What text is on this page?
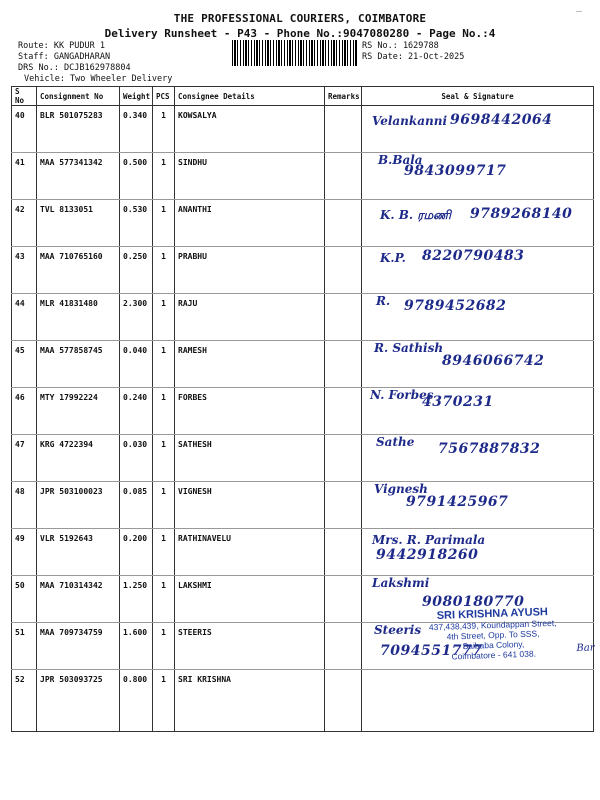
—
THE PROFESSIONAL COURIERS, COIMBATORE
Delivery Runsheet - P43 - Phone No.:9047080280 - Page No.:4
Route: KK PUDUR 1
Staff: GANGADHARAN
DRS No.: DCJB162978804
Vehicle: Two Wheeler Delivery
RS No.: 1629788
RS Date: 21-Oct-2025
S No	Consignment No	Weight	PCS	Consignee Details	Remarks	Seal & Signature
40	BLR 501075283	0.340	1	KOWSALYA		Velankanni 9698442064

41	MAA 577341342	0.500	1	SINDHU		B.Bala
9843099717

42	TVL 8133051	0.530	1	ANANTHI		K. B. ரமணி 9789268140

43	MAA 710765160	0.250	1	PRABHU		K.P. 8220790483

44	MLR 41831480	2.300	1	RAJU		R. 9789452682

45	MAA 577858745	0.040	1	RAMESH		R. Sathish
8946066742

46	MTY 17992224	0.240	1	FORBES		N. Forbes
4370231

47	KRG 4722394	0.030	1	SATHESH		Sathe 7567887832

48	JPR 503100023	0.085	1	VIGNESH		Vignesh
9791425967

49	VLR 5192643	0.200	1	RATHINAVELU		Mrs. R. Parimala
9442918260

50	MAA 710314342	1.250	1	LAKSHMI		Lakshmi
9080180770

51	MAA 709734759	1.600	1	STEERIS		Steeris
7094551777

52	JPR 503093725	0.800	1	SRI KRISHNA		
SRI KRISHNA AYUSH
437,438,439, Koundappan Street,
4th Street, Opp. To SSS,
Saibaba Colony,
Coimbatore - 641 038.
Bar
